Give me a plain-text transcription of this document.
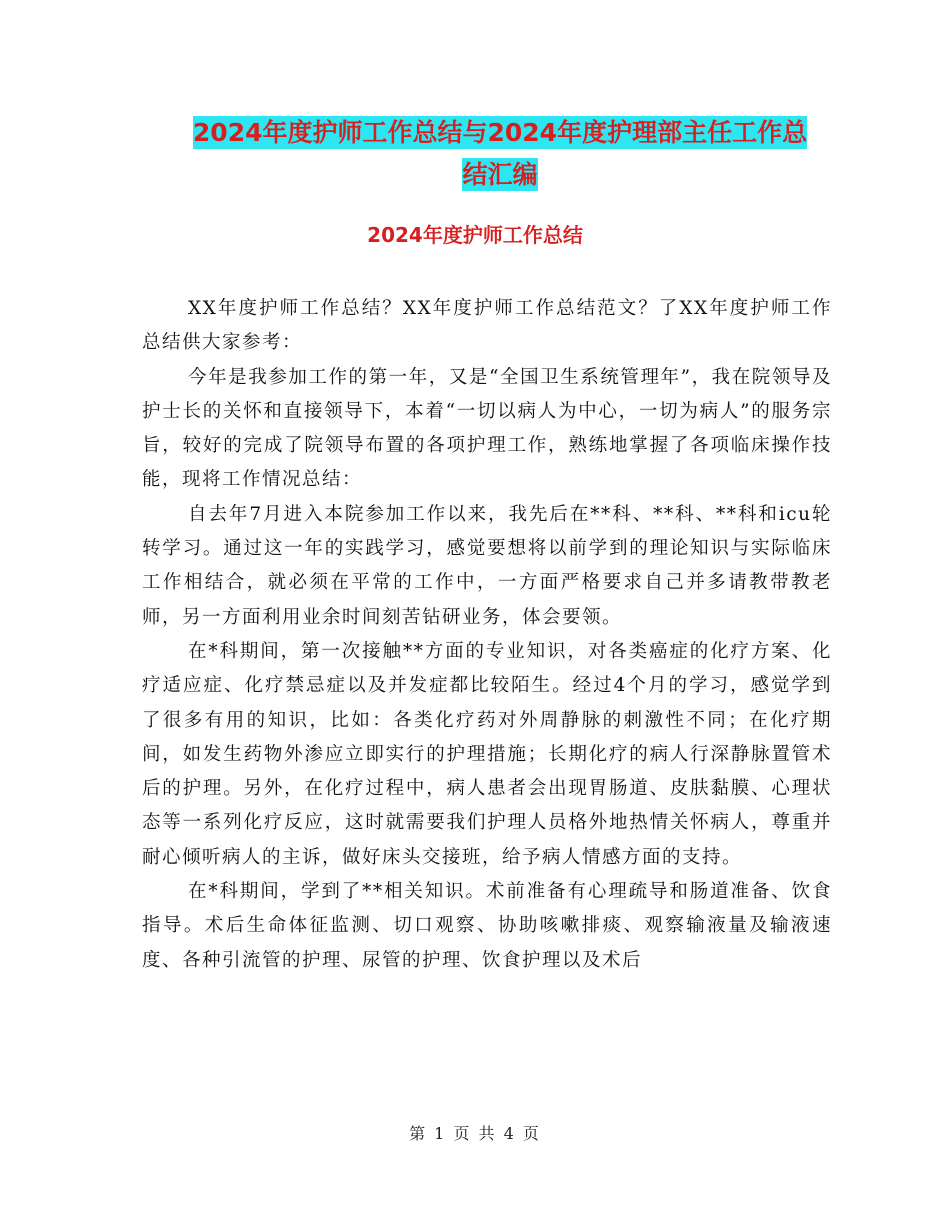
2024年度护师工作总结与2024年度护理部主任工作总
结汇编
2024年度护师工作总结

XX年度护师工作总结？XX年度护师工作总结范文？了XX年度护师工作总结供大家参考：

今年是我参加工作的第一年，又是“全国卫生系统管理年”，我在院领导及护士长的关怀和直接领导下，本着“一切以病人为中心，一切为病人”的服务宗旨，较好的完成了院领导布置的各项护理工作，熟练地掌握了各项临床操作技能，现将工作情况总结：

自去年7月进入本院参加工作以来，我先后在**科、**科、**科和icu轮转学习。通过这一年的实践学习，感觉要想将以前学到的理论知识与实际临床工作相结合，就必须在平常的工作中，一方面严格要求自己并多请教带教老师，另一方面利用业余时间刻苦钻研业务，体会要领。

在*科期间，第一次接触**方面的专业知识，对各类癌症的化疗方案、化疗适应症、化疗禁忌症以及并发症都比较陌生。经过4个月的学习，感觉学到了很多有用的知识，比如：各类化疗药对外周静脉的刺激性不同；在化疗期间，如发生药物外渗应立即实行的护理措施；长期化疗的病人行深静脉置管术后的护理。另外，在化疗过程中，病人患者会出现胃肠道、皮肤黏膜、心理状态等一系列化疗反应，这时就需要我们护理人员格外地热情关怀病人，尊重并耐心倾听病人的主诉，做好床头交接班，给予病人情感方面的支持。

在*科期间，学到了**相关知识。术前准备有心理疏导和肠道准备、饮食指导。术后生命体征监测、切口观察、协助咳嗽排痰、观察输液量及输液速度、各种引流管的护理、尿管的护理、饮食护理以及术后

第 1 页 共 4 页
